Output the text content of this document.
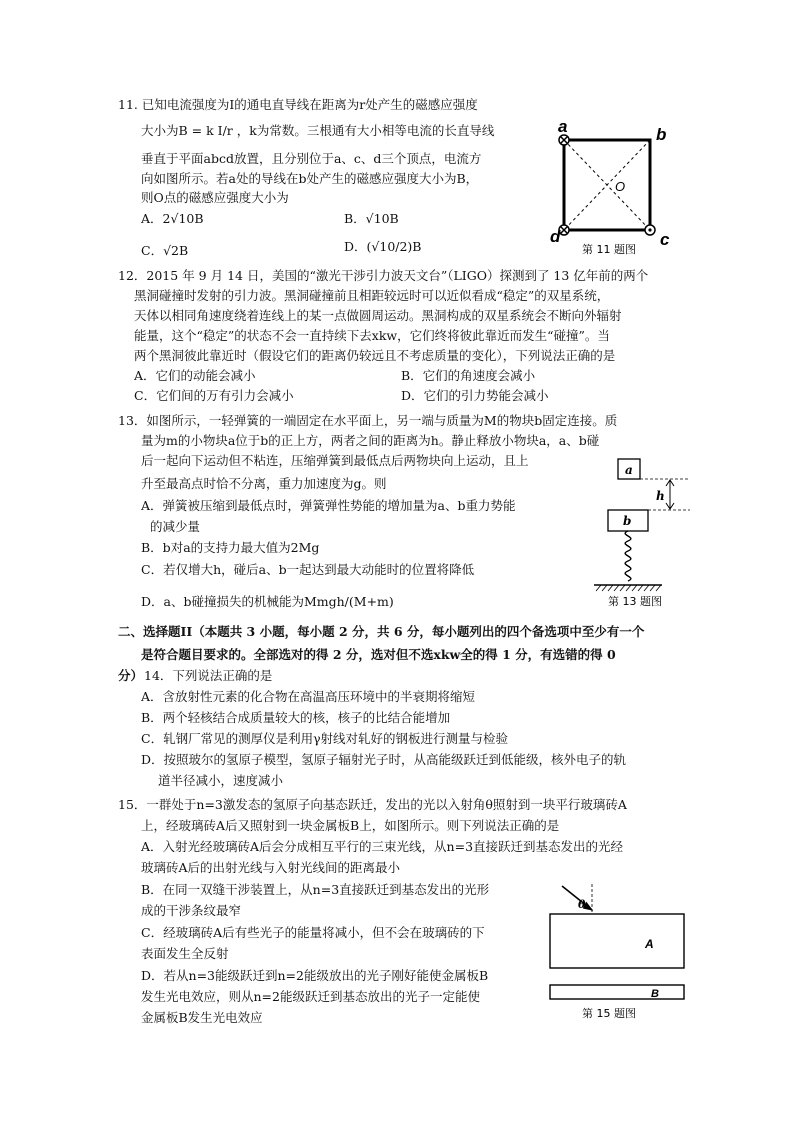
11. 已知电流强度为I的通电直导线在距离为r处产生的磁感应强度
大小为B = k I/r ，k为常数。三根通有大小相等电流的长直导线
垂直于平面abcd放置，且分别位于a、c、d三个顶点，电流方
向如图所示。若a处的导线在b处产生的磁感应强度大小为B，
则O点的磁感应强度大小为
A．2√10B	B．√10B
C．√2B	D．(√10/2)B
a	b
c
d
O
第 11 题图
12．2015 年 9 月 14 日，美国的“激光干涉引力波天文台”（LIGO）探测到了 13 亿年前的两个
黑洞碰撞时发射的引力波。黑洞碰撞前且相距较远时可以近似看成“稳定”的双星系统，
天体以相同角速度绕着连线上的某一点做圆周运动。黑洞构成的双星系统会不断向外辐射
能量，这个“稳定”的状态不会一直持续下去xkw，它们终将彼此靠近而发生“碰撞”。当
两个黑洞彼此靠近时（假设它们的距离仍较远且不考虑质量的变化），下列说法正确的是
A．它们的动能会减小	B．它们的角速度会减小
C．它们间的万有引力会减小	D．它们的引力势能会减小
13．如图所示，一轻弹簧的一端固定在水平面上，另一端与质量为M的物块b固定连接。质
量为m的小物块a位于b的正上方，两者之间的距离为h。静止释放小物块a，a、b碰
后一起向下运动但不粘连，压缩弹簧到最低点后两物块向上运动，且上
升至最高点时恰不分离，重力加速度为g。则
A．弹簧被压缩到最低点时，弹簧弹性势能的增加量为a、b重力势能
的减少量
B．b对a的支持力最大值为2Mg
C．若仅增大h，碰后a、b一起达到最大动能时的位置将降低
D．a、b碰撞损失的机械能为Mmgh/(M+m)
a
h
b
第 13 题图
二、选择题II（本题共 3 小题，每小题 2 分，共 6 分，每小题列出的四个备选项中至少有一个
是符合题目要求的。全部选对的得 2 分，选对但不选xkw全的得 1 分，有选错的得 0
分） 14．下列说法正确的是
A．含放射性元素的化合物在高温高压环境中的半衰期将缩短
B．两个轻核结合成质量较大的核，核子的比结合能增加
C．轧钢厂常见的测厚仪是利用γ射线对轧好的钢板进行测量与检验
D．按照玻尔的氢原子模型，氢原子辐射光子时，从高能级跃迁到低能级，核外电子的轨
道半径减小，速度减小
15．一群处于n=3激发态的氢原子向基态跃迁，发出的光以入射角θ照射到一块平行玻璃砖A
上，经玻璃砖A后又照射到一块金属板B上，如图所示。则下列说法正确的是
A．入射光经玻璃砖A后会分成相互平行的三束光线，从n=3直接跃迁到基态发出的光经
玻璃砖A后的出射光线与入射光线间的距离最小
B．在同一双缝干涉装置上，从n=3直接跃迁到基态发出的光形
成的干涉条纹最窄
C．经玻璃砖A后有些光子的能量将减小，但不会在玻璃砖的下
表面发生全反射
D．若从n=3能级跃迁到n=2能级放出的光子刚好能使金属板B
发生光电效应，则从n=2能级跃迁到基态放出的光子一定能使
金属板B发生光电效应
θ
A
B
第 15 题图
